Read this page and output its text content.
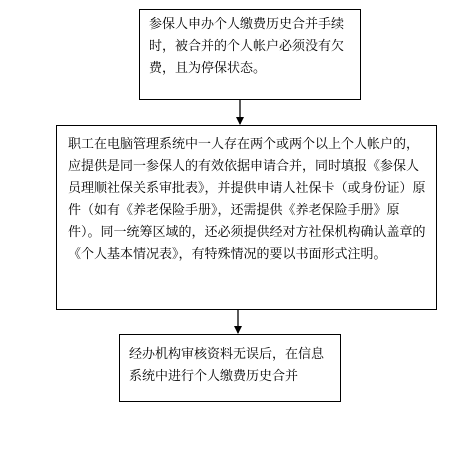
参保人申办个人缴费历史合并手续时，被合并的个人帐户必须没有欠费，且为停保状态。
职工在电脑管理系统中一人存在两个或两个以上个人帐户的，应提供是同一参保人的有效依据申请合并，同时填报《参保人员理顺社保关系审批表》，并提供申请人社保卡（或身份证）原件（如有《养老保险手册》，还需提供《养老保险手册》原件）。同一统筹区域的，还必须提供经对方社保机构确认盖章的《个人基本情况表》，有特殊情况的要以书面形式注明。
经办机构审核资料无误后，在信息系统中进行个人缴费历史合并
